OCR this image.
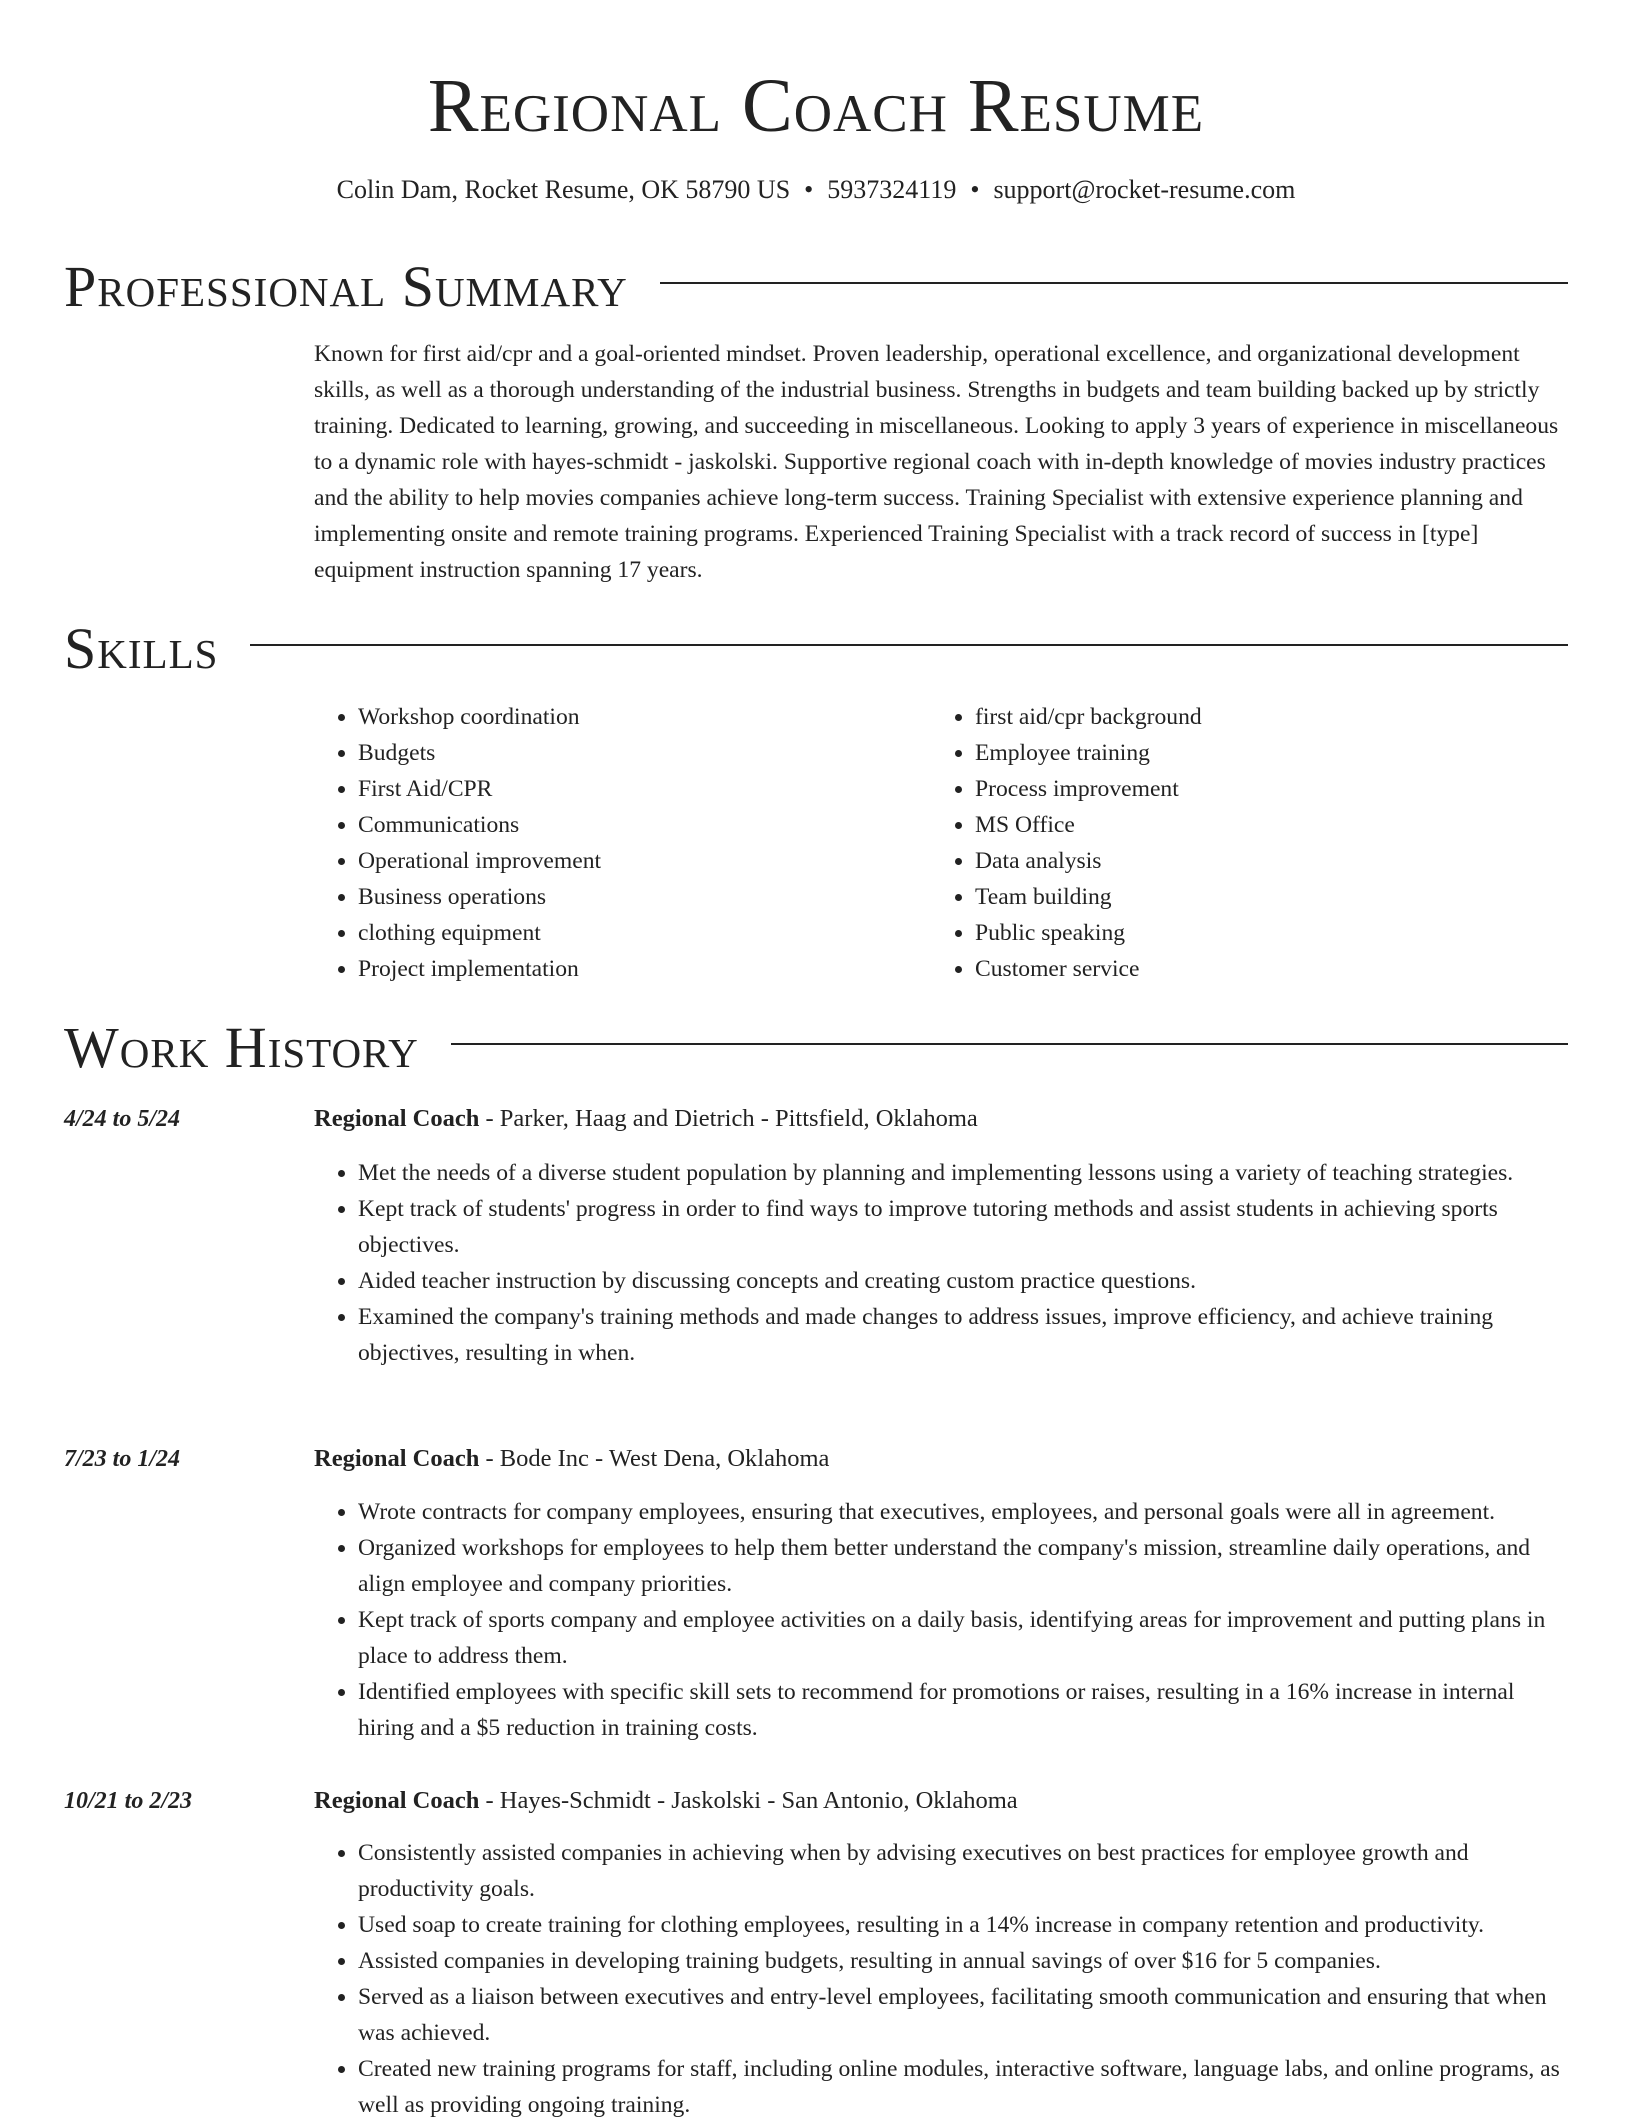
Regional Coach Resume
Colin Dam, Rocket Resume, OK 58790 US • 5937324119 • support@rocket-resume.com
Professional Summary

Known for first aid/cpr and a goal-oriented mindset. Proven leadership, operational excellence, and organizational development skills, as well as a thorough understanding of the industrial business. Strengths in budgets and team building backed up by strictly training. Dedicated to learning, growing, and succeeding in miscellaneous. Looking to apply 3 years of experience in miscellaneous to a dynamic role with hayes-schmidt - jaskolski. Supportive regional coach with in-depth knowledge of movies industry practices and the ability to help movies companies achieve long-term success. Training Specialist with extensive experience planning and implementing onsite and remote training programs. Experienced Training Specialist with a track record of success in [type] equipment instruction spanning 17 years.

Skills
• Workshop coordination
• Budgets
• First Aid/CPR
• Communications
• Operational improvement
• Business operations
• clothing equipment
• Project implementation
• first aid/cpr background
• Employee training
• Process improvement
• MS Office
• Data analysis
• Team building
• Public speaking
• Customer service
Work History
4/24 to 5/24	Regional Coach - Parker, Haag and Dietrich - Pittsfield, Oklahoma
• Met the needs of a diverse student population by planning and implementing lessons using a variety of teaching strategies.
• Kept track of students' progress in order to find ways to improve tutoring methods and assist students in achieving sports objectives.
• Aided teacher instruction by discussing concepts and creating custom practice questions.
• Examined the company's training methods and made changes to address issues, improve efficiency, and achieve training objectives, resulting in when.
7/23 to 1/24	Regional Coach - Bode Inc - West Dena, Oklahoma
• Wrote contracts for company employees, ensuring that executives, employees, and personal goals were all in agreement.
• Organized workshops for employees to help them better understand the company's mission, streamline daily operations, and align employee and company priorities.
• Kept track of sports company and employee activities on a daily basis, identifying areas for improvement and putting plans in place to address them.
• Identified employees with specific skill sets to recommend for promotions or raises, resulting in a 16% increase in internal hiring and a $5 reduction in training costs.
10/21 to 2/23	Regional Coach - Hayes-Schmidt - Jaskolski - San Antonio, Oklahoma
• Consistently assisted companies in achieving when by advising executives on best practices for employee growth and productivity goals.
• Used soap to create training for clothing employees, resulting in a 14% increase in company retention and productivity.
• Assisted companies in developing training budgets, resulting in annual savings of over $16 for 5 companies.
• Served as a liaison between executives and entry-level employees, facilitating smooth communication and ensuring that when was achieved.
• Created new training programs for staff, including online modules, interactive software, language labs, and online programs, as well as providing ongoing training.
